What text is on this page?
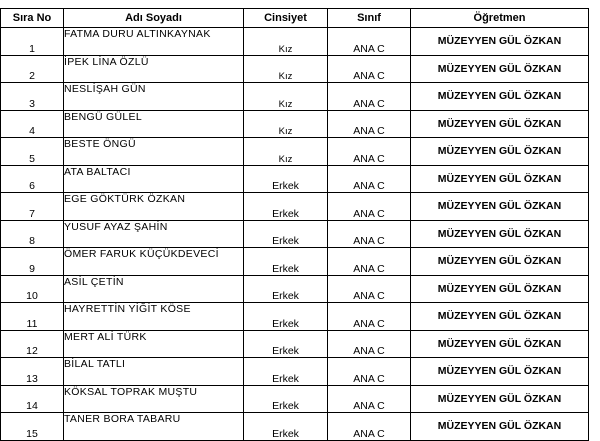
Sıra No	Adı Soyadı	Cinsiyet	Sınıf	Öğretmen
1	FATMA DURU ALTINKAYNAK	Kız	ANA C	MÜZEYYEN GÜL ÖZKAN
2	İPEK LİNA ÖZLÜ	Kız	ANA C	MÜZEYYEN GÜL ÖZKAN
3	NESLİŞAH GÜN	Kız	ANA C	MÜZEYYEN GÜL ÖZKAN
4	BENGÜ GÜLEL	Kız	ANA C	MÜZEYYEN GÜL ÖZKAN
5	BESTE ÖNGÜ	Kız	ANA C	MÜZEYYEN GÜL ÖZKAN
6	ATA BALTACI	Erkek	ANA C	MÜZEYYEN GÜL ÖZKAN
7	EGE GÖKTÜRK ÖZKAN	Erkek	ANA C	MÜZEYYEN GÜL ÖZKAN
8	YUSUF AYAZ ŞAHİN	Erkek	ANA C	MÜZEYYEN GÜL ÖZKAN
9	ÖMER FARUK KÜÇÜKDEVECİ	Erkek	ANA C	MÜZEYYEN GÜL ÖZKAN
10	ASİL ÇETİN	Erkek	ANA C	MÜZEYYEN GÜL ÖZKAN
11	HAYRETTİN YİĞİT KÖSE	Erkek	ANA C	MÜZEYYEN GÜL ÖZKAN
12	MERT ALİ TÜRK	Erkek	ANA C	MÜZEYYEN GÜL ÖZKAN
13	BİLAL TATLI	Erkek	ANA C	MÜZEYYEN GÜL ÖZKAN
14	KÖKSAL TOPRAK MUŞTU	Erkek	ANA C	MÜZEYYEN GÜL ÖZKAN
15	TANER BORA TABARU	Erkek	ANA C	MÜZEYYEN GÜL ÖZKAN
